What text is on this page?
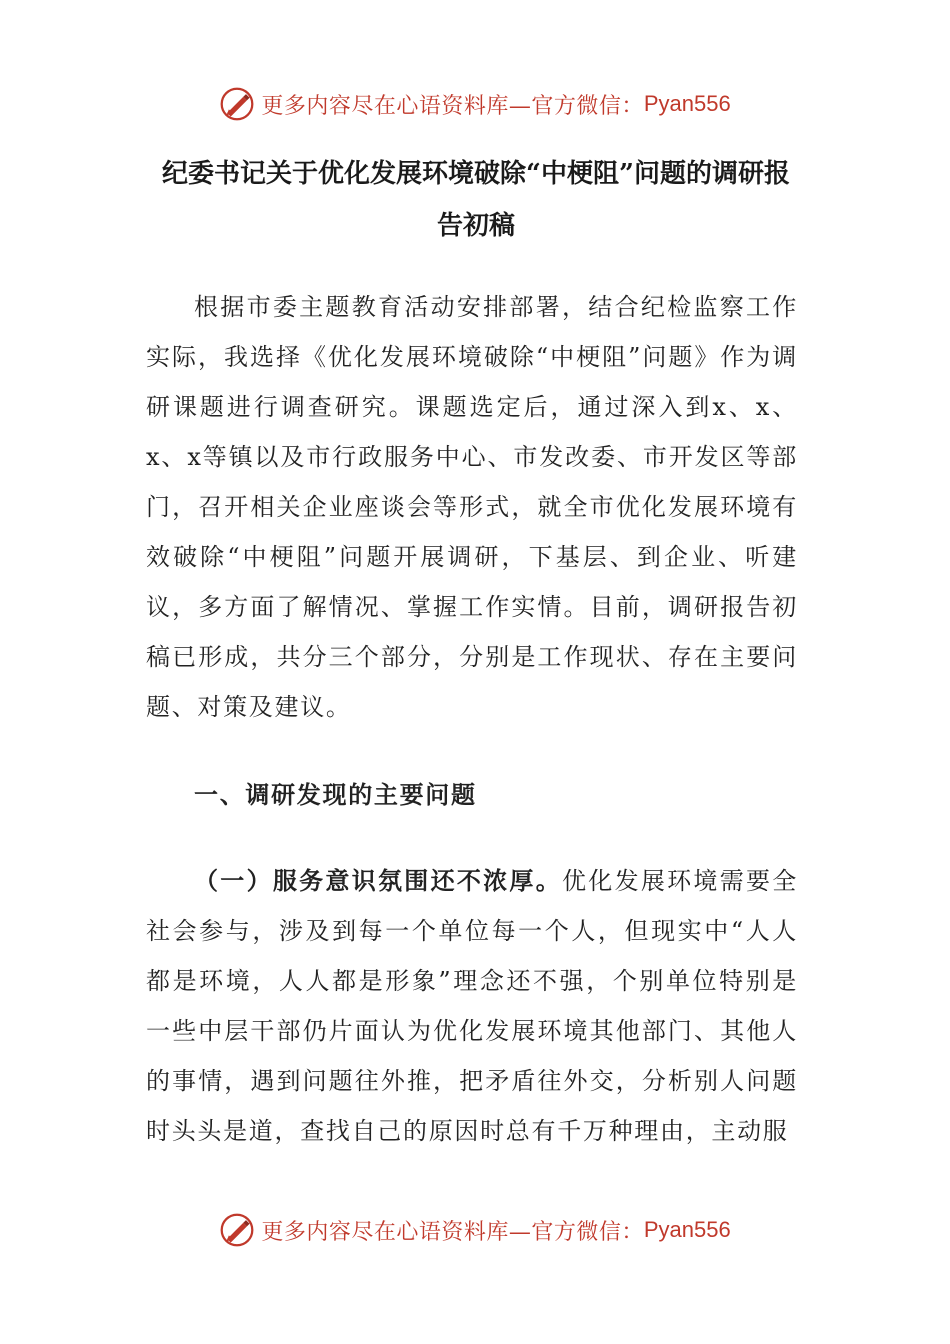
更多内容尽在心语资料库—官方微信： Pyan556
纪委书记关于优化发展环境破除“中梗阻”问题的调研报
告初稿

根据市委主题教育活动安排部署，结合纪检监察工作实际，我选择《优化发展环境破除“中梗阻”问题》作为调研课题进行调查研究。课题选定后，通过深入到x、x、x、x等镇以及市行政服务中心、市发改委、市开发区等部门，召开相关企业座谈会等形式，就全市优化发展环境有效破除“中梗阻”问题开展调研，下基层、到企业、听建议，多方面了解情况、掌握工作实情。目前，调研报告初稿已形成，共分三个部分，分别是工作现状、存在主要问题、对策及建议。

一、调研发现的主要问题

（一）服务意识氛围还不浓厚。优化发展环境需要全社会参与，涉及到每一个单位每一个人，但现实中“人人都是环境，人人都是形象”理念还不强，个别单位特别是一些中层干部仍片面认为优化发展环境其他部门、其他人的事情，遇到问题往外推，把矛盾往外交，分析别人问题时头头是道，查找自己的原因时总有千万种理由，主动服

更多内容尽在心语资料库—官方微信： Pyan556
